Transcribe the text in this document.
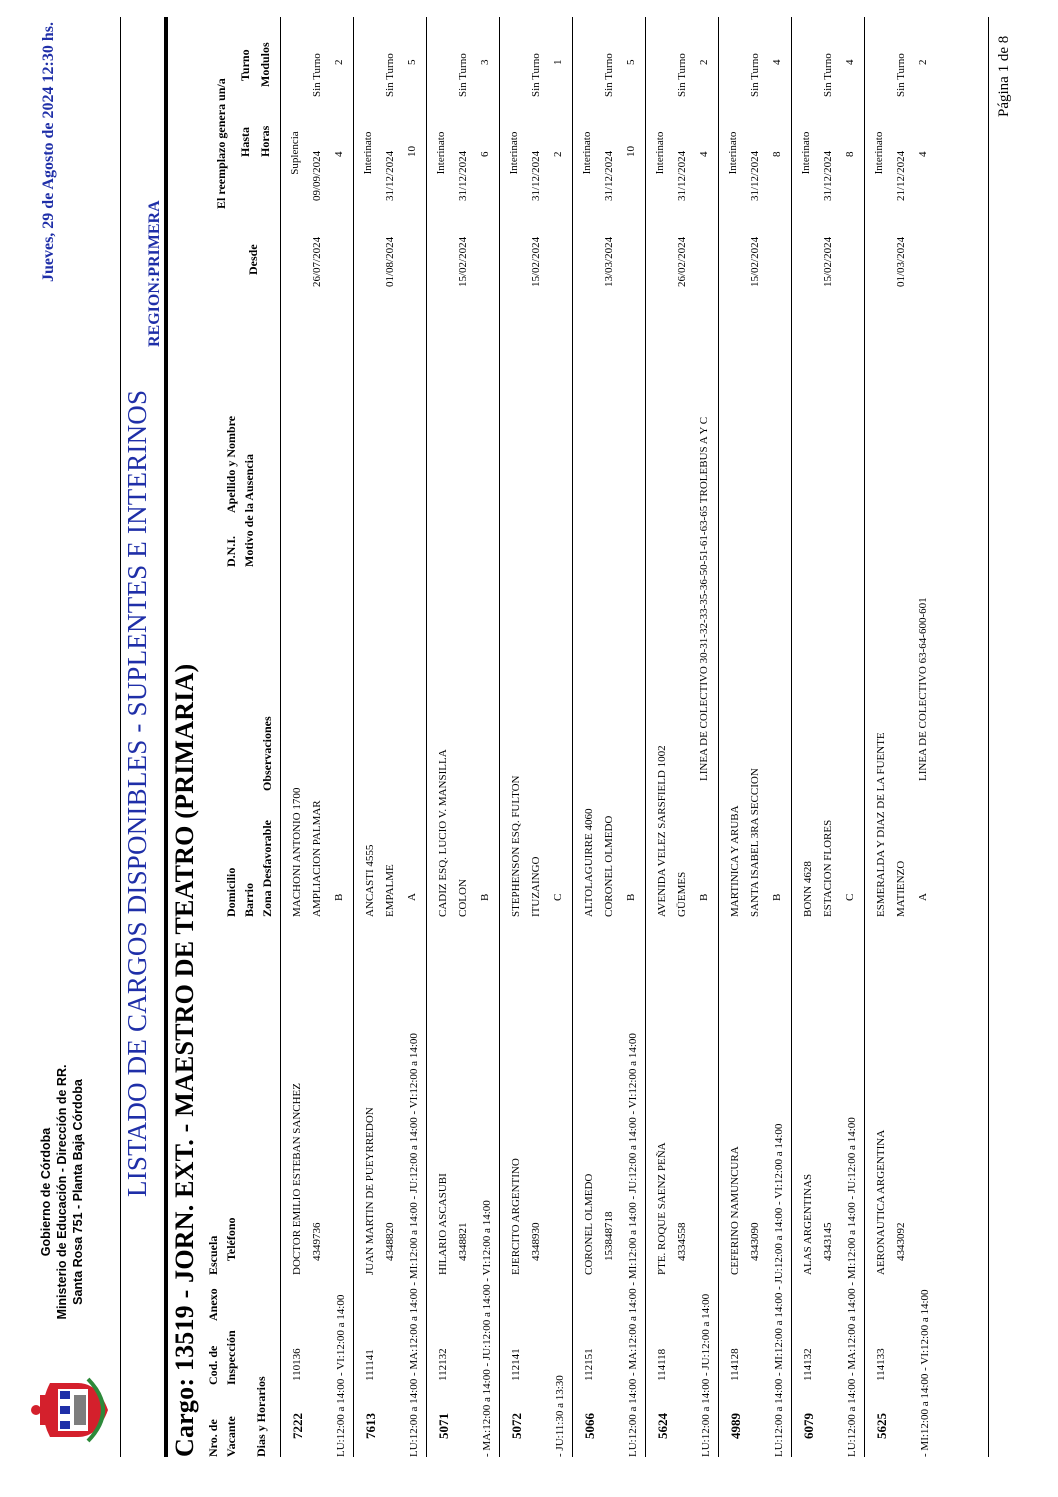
Gobierno de Córdoba Ministerio de Educación - Dirección de RR. Santa Rosa 751 - Planta Baja Córdoba
Jueves, 29 de Agosto de 2024 12:30 hs.
LISTADO DE CARGOS DISPONIBLES - SUPLENTES E INTERINOS
REGION:PRIMERA
Cargo: 13519 - JORN. EXT. - MAESTRO DE TEATRO (PRIMARIA) Nro. de Vacante Dias y Horarios
Cod. de Inspección
Anexo
Escuela Teléfono
Domicilio Barrio Zona Desfavorable
Observaciones
D.N.I.
Apellido y Nombre Motivo de la Ausencia
Desde
El reemplazo genera un/a Hasta
Turno
Horas
Modulos
7222
110136
DOCTOR EMILIO ESTEBAN SANCHEZ 4349736
LU:12:00 a 14:00 - VI:12:00 a 14:00
MACHONI ANTONIO 1700 AMPLIACION PALMAR B
Suplencia
26/07/2024
09/09/2024
Sin Turno
4
2
7613
111141
JUAN MARTIN DE PUEYRREDON 4348820 LU:12:00 a 14:00 - MA:12:00 a 14:00 - MI:12:00 a 14:00 - JU:12:00 a 14:00 - VI:12:00 a 14:00
ANCASTI 4555 EMPALME A
Interinato
01/08/2024
31/12/2024
Sin Turno
10
5
5071
112132
HILARIO ASCASUBI 4348821 - MA:12:00 a 14:00 - JU:12:00 a 14:00 - VI:12:00 a 14:00
CADIZ ESQ. LUCIO V. MANSILLA COLON B
Interinato
15/02/2024
31/12/2024
Sin Turno
6
3
5072
112141
EJERCITO ARGENTINO 4348930
- JU:11:30 a 13:30
STEPHENSON ESQ. FULTON ITUZAINGO C
Interinato
15/02/2024
31/12/2024
Sin Turno
2
1
5066
112151
CORONEL OLMEDO 153848718 LU:12:00 a 14:00 - MA:12:00 a 14:00 - MI:12:00 a 14:00 - JU:12:00 a 14:00 - VI:12:00 a 14:00
ALTOLAGUIRRE 4060 CORONEL OLMEDO B
Interinato
13/03/2024
31/12/2024
Sin Turno
10
5
5624
114118
PTE. ROQUE SAENZ PEÑA 4334558
LU:12:00 a 14:00 - JU:12:00 a 14:00
AVENIDA VELEZ SARSFIELD 1002 GÜEMES B
LINEA DE COLECTIVO 30-31-32-33-35-36-50-51-61-63-65 TROLEBUS A Y C
Interinato
26/02/2024
31/12/2024
Sin Turno
4
2
4989
114128
CEFERINO NAMUNCURA 4343090 LU:12:00 a 14:00 - MI:12:00 a 14:00 - JU:12:00 a 14:00 - VI:12:00 a 14:00
MARTINICA Y ARUBA SANTA ISABEL 3RA SECCION B
Interinato
15/02/2024
31/12/2024
Sin Turno
8
4
6079
114132
ALAS ARGENTINAS 4343145 LU:12:00 a 14:00 - MA:12:00 a 14:00 - MI:12:00 a 14:00 - JU:12:00 a 14:00
BONN 4628 ESTACION FLORES C
Interinato
15/02/2024
31/12/2024
Sin Turno
8
4
5625
114133
AERONAUTICA ARGENTINA 4343092
- MI:12:00 a 14:00 - VI:12:00 a 14:00
ESMERALDA Y DIAZ DE LA FUENTE MATIENZO A
LINEA DE COLECTIVO 63-64-600-601
Interinato
01/03/2024
21/12/2024
Sin Turno
4
2	Página 1 de 8
